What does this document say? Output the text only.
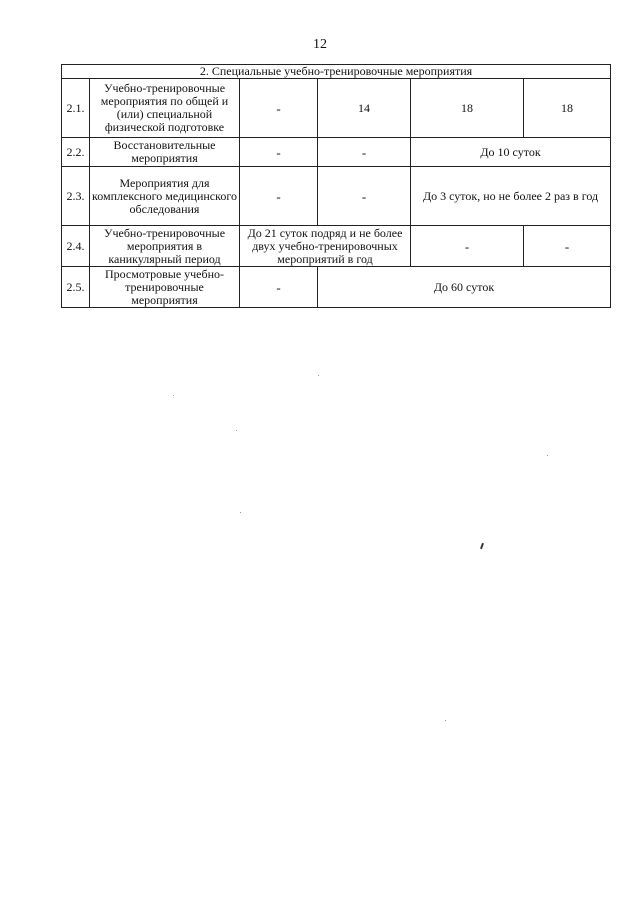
12
2. Специальные учебно-тренировочные мероприятия					
2.1.	Учебно-тренировочные мероприятия по общей и (или) специальной физической подготовке	-	14	18	18
2.2.	Восстановительные мероприятия	-	-	До 10 суток	
2.3.	Мероприятия для комплексного медицинского обследования	-	-	До 3 суток, но не более 2 раз в год	
2.4.	Учебно-тренировочные мероприятия в каникулярный период	До 21 суток подряд и не более двух учебно-тренировочных мероприятий в год		-	-
2.5.	Просмотровые учебно-тренировочные мероприятия	-	До 60 суток		
